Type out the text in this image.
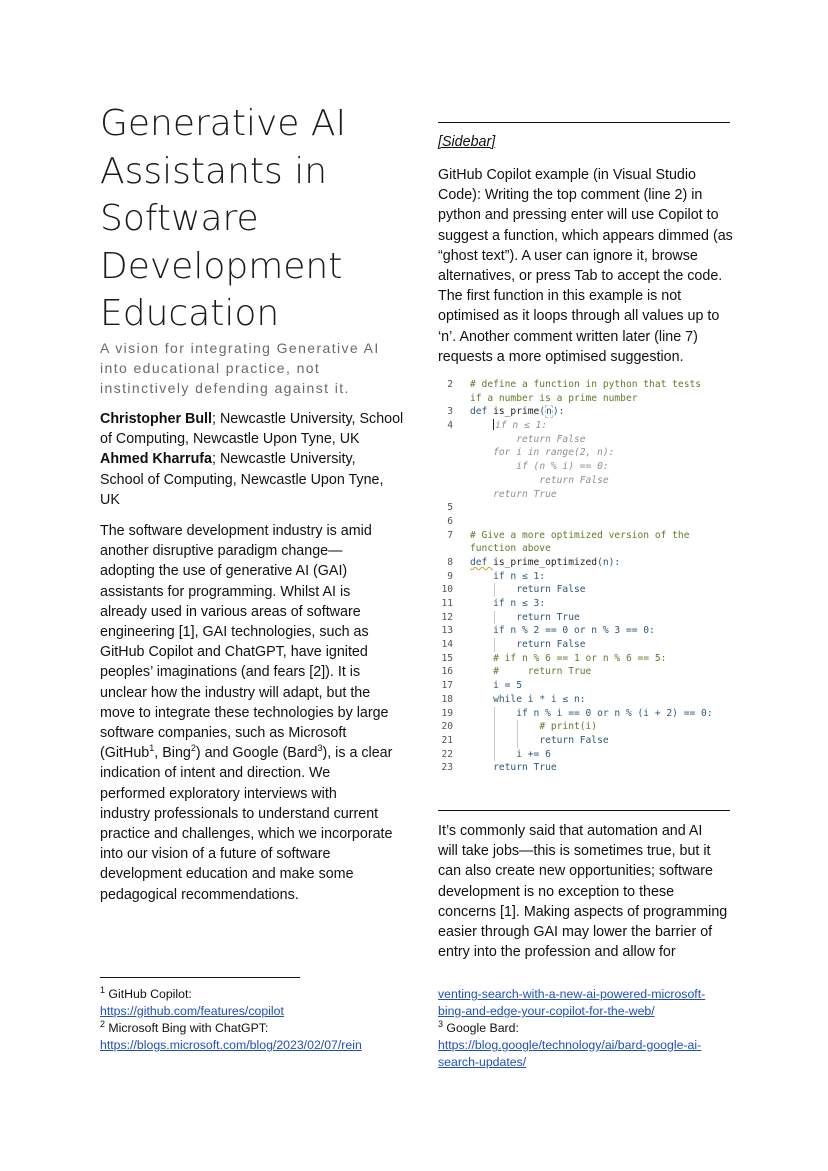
Generative AI
Assistants in
Software
Development
Education
A vision for integrating Generative AI
into educational practice, not
instinctively defending against it.
Christopher Bull; Newcastle University, School
of Computing, Newcastle Upon Tyne, UK
Ahmed Kharrufa; Newcastle University,
School of Computing, Newcastle Upon Tyne,
UK
The software development industry is amid
another disruptive paradigm change—
adopting the use of generative AI (GAI)
assistants for programming. Whilst AI is
already used in various areas of software
engineering [1], GAI technologies, such as
GitHub Copilot and ChatGPT, have ignited
peoples’ imaginations (and fears [2]). It is
unclear how the industry will adapt, but the
move to integrate these technologies by large
software companies, such as Microsoft
(GitHub$^1$, Bing$^2$) and Google (Bard$^3$), is a clear
indication of intent and direction. We
performed exploratory interviews with
industry professionals to understand current
practice and challenges, which we incorporate
into our vision of a future of software
development education and make some
pedagogical recommendations.
[Sidebar]
GitHub Copilot example (in Visual Studio
Code): Writing the top comment (line 2) in
python and pressing enter will use Copilot to
suggest a function, which appears dimmed (as
“ghost text”). A user can ignore it, browse
alternatives, or press Tab to accept the code.
The first function in this example is not
optimised as it loops through all values up to
‘n’. Another comment written later (line 7)
requests a more optimised suggestion.
2	# define a function in python that tests
if a number is a prime number
3	def is_prime(n):
4	if n ≤ 1:
return False
for i in range(2, n):
if (n % i) == 0:
return False
return True
5
6
7	# Give a more optimized version of the
function above
8	def is_prime_optimized(n):
9	if n ≤ 1:
10	return False
11	if n ≤ 3:
12	return True
13	if n % 2 == 0 or n % 3 == 0:
14	return False
15	# if n % 6 == 1 or n % 6 == 5:
16	#     return True
17	i = 5
18	while i * i ≤ n:
19	if n % i == 0 or n % (i + 2) == 0:
20	# print(i)
21	return False
22	i += 6
23	return True
It’s commonly said that automation and AI
will take jobs—this is sometimes true, but it
can also create new opportunities; software
development is no exception to these
concerns [1]. Making aspects of programming
easier through GAI may lower the barrier of
entry into the profession and allow for
$^1$ GitHub Copilot:
https://github.com/features/copilot
$^2$ Microsoft Bing with ChatGPT:
https://blogs.microsoft.com/blog/2023/02/07/rein
venting-search-with-a-new-ai-powered-microsoft-
bing-and-edge-your-copilot-for-the-web/
$^3$ Google Bard:
https://blog.google/technology/ai/bard-google-ai-
search-updates/
